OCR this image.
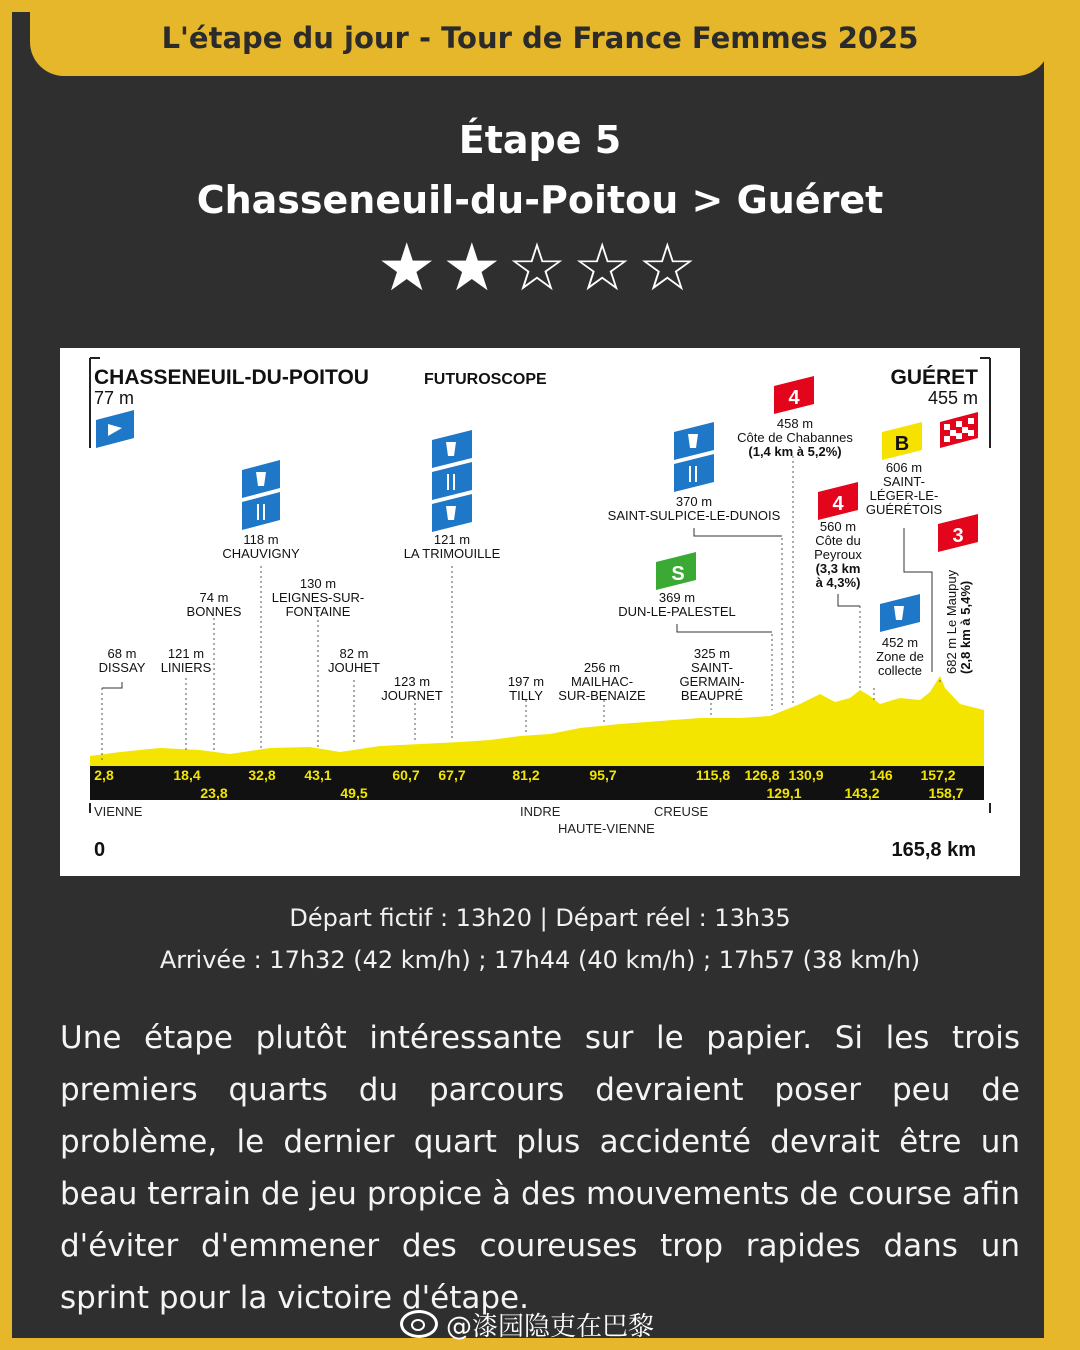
L'étape du jour - Tour de France Femmes 2025
Étape 5
Chasseneuil-du-Poitou > Guéret
★★☆☆☆
CHASSENEUIL-DU-POITOU	FUTUROSCOPE
77 m
GUÉRET
455 m
68 m
DISSAY
121 m
LINIERS
74 m
BONNES
118 m
CHAUVIGNY
130 m
LEIGNES-SUR-
FONTAINE
82 m
JOUHET
123 m
JOURNET
121 m
LA TRIMOUILLE
197 m
TILLY
256 m
MAILHAC-
SUR-BENAIZE
369 m
DUN-LE-PALESTEL
325 m
SAINT-
GERMAIN-
BEAUPRÉ
370 m
SAINT-SULPICE-LE-DUNOIS
458 m
Côte de Chabannes
(1,4 km à 5,2%)
560 m
Côte du
Peyroux
(3,3 km
à 4,3%)
452 m
Zone de
collecte
606 m
SAINT-
LÉGER-LE-
GUÉRÉTOIS
682 m Le Maupuy (2,8 km à 5,4%)
S
4
4
B
3
2,8	18,4	32,8 43,1	60,7 67,7	81,2	95,7	115,8 126,8 130,9	146 157,2
23,8	49,5	129,1	143,2	158,7
VIENNE	INDRE
HAUTE-VIENNE
CREUSE
0	165,8 km
Départ fictif : 13h20 | Départ réel : 13h35
Arrivée : 17h32 (42 km/h) ; 17h44 (40 km/h) ; 17h57 (38 km/h)
Une étape plutôt intéressante sur le papier. Si les trois premiers quarts du parcours devraient poser peu de problème, le dernier quart plus accidenté devrait être un beau terrain de jeu propice à des mouvements de course afin d'éviter d'emmener des coureuses trop rapides dans un sprint pour la victoire d'étape.
@漆园隐吏在巴黎
